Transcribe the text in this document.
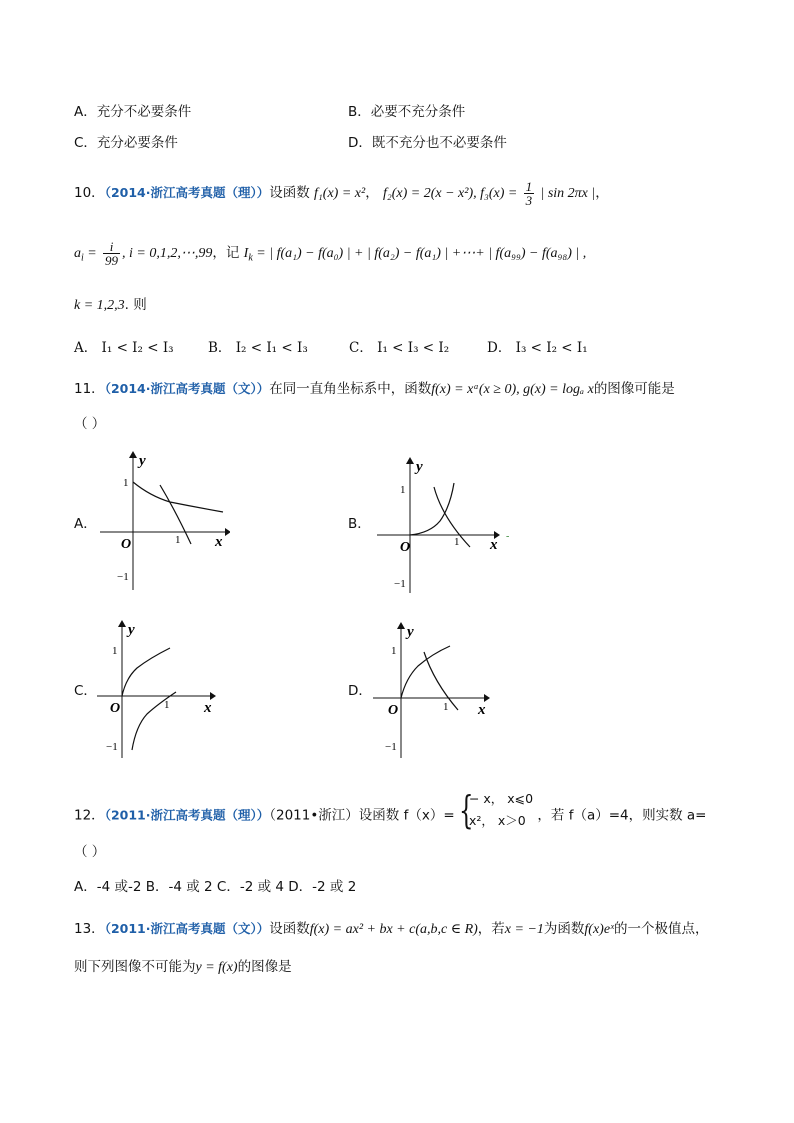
A．充分不必要条件	B．必要不充分条件
C．充分必要条件	D．既不充分也不必要条件
10．（2014·浙江高考真题（理））设函数 f₁(x) = x²， f₂(x) = 2(x − x²), $f_3(x) = \frac{1}{3}$ | sin 2πx |，
$a_i = \frac{i}{99}$ , i = 0,1,2,⋯,99，记 $I_k$ = | f(a₁) − f(a₀) | + | f(a₂) − f(a₁) | +⋯+ | f(a₉₉) − f(a₉₈) | ,
k = 1,2,3. 则
A． I₁ < I₂ < I₃	B． I₂ < I₁ < I₃	C． I₁ < I₃ < I₂	D． I₃ < I₂ < I₁
11．（2014·浙江高考真题（文））在同一直角坐标系中，函数f(x) = xᵃ(x ≥ 0), g(x) = logₐ x的图像可能是
（ ）
A．	B．
C．	D．
y
x
O
1
1
−1
y
x
O
1
1
−1
-
y
x
O
1
1
−1
y
x
O
1
1
−1
12．（2011·浙江高考真题（理））（2011•浙江）设函数 f（x）= {
− x， x⩽0
x²， x＞0 ，若 f（a）=4，则实数 a=
（ ）
A．-4 或-2 B．-4 或 2 C．-2 或 4 D．-2 或 2
13．（2011·浙江高考真题（文））设函数f(x) = ax² + bx + c(a,b,c ∈ R)，若x = −1为函数f(x)eˣ的一个极值点，
则下列图像不可能为y = f(x)的图像是
